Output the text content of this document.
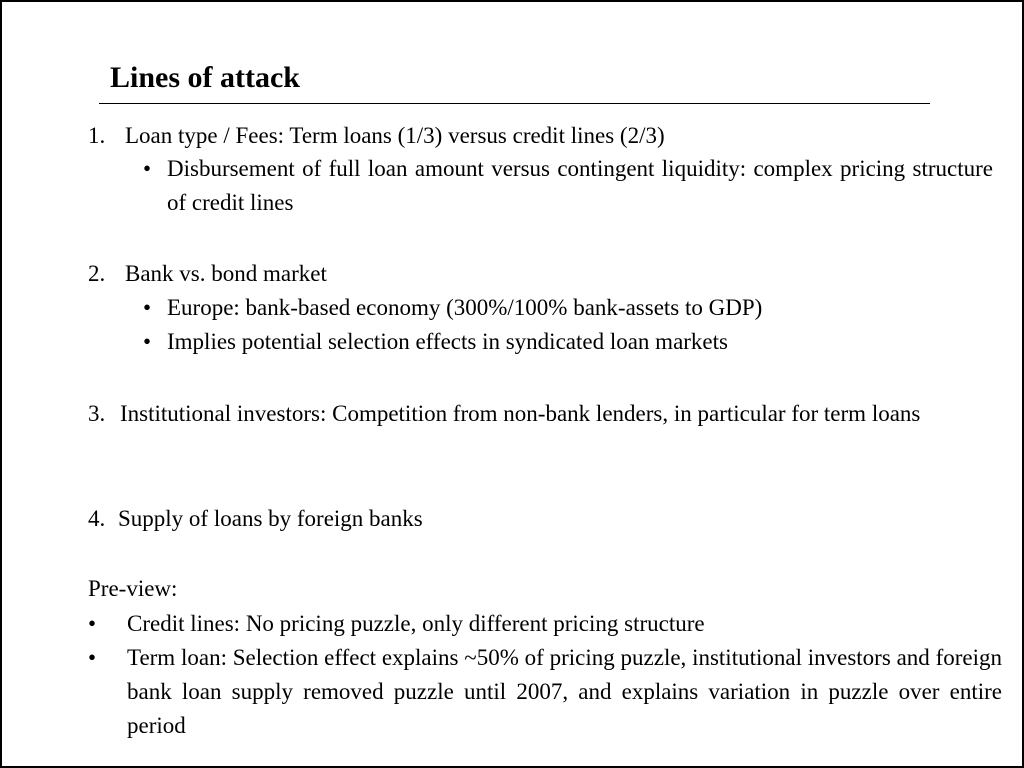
Lines of attack
1. Loan type / Fees: Term loans (1/3) versus credit lines (2/3)
• Disbursement of full loan amount versus contingent liquidity: complex pricing structure of credit lines
2. Bank vs. bond market
• Europe: bank-based economy (300%/100% bank-assets to GDP)
• Implies potential selection effects in syndicated loan markets
3. Institutional investors: Competition from non-bank lenders, in particular for term loans
4. Supply of loans by foreign banks
Pre-view:
• Credit lines: No pricing puzzle, only different pricing structure
• Term loan: Selection effect explains ~50% of pricing puzzle, institutional investors and foreign bank loan supply removed puzzle until 2007, and explains variation in puzzle over entire period
